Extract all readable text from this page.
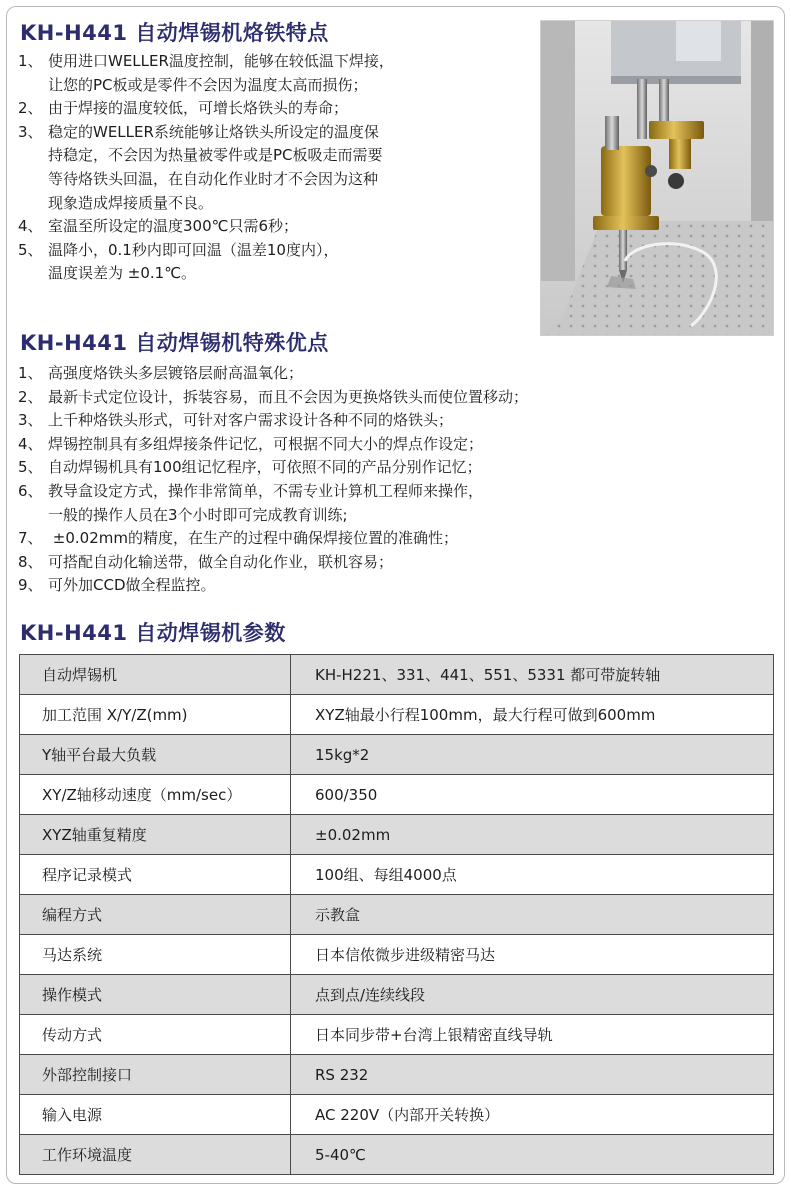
KH-H441 自动焊锡机烙铁特点
1、 使用进口WELLER温度控制，能够在较低温下焊接，
让您的PC板或是零件不会因为温度太高而损伤；
2、 由于焊接的温度较低，可增长烙铁头的寿命；
3、 稳定的WELLER系统能够让烙铁头所设定的温度保
持稳定，不会因为热量被零件或是PC板吸走而需要
等待烙铁头回温，在自动化作业时才不会因为这种
现象造成焊接质量不良。
4、 室温至所设定的温度300℃只需6秒；
5、 温降小，0.1秒内即可回温（温差10度内），
温度误差为 ±0.1℃。
KH-H441 自动焊锡机特殊优点
1、 高强度烙铁头多层镀铬层耐高温氧化；
2、 最新卡式定位设计，拆装容易，而且不会因为更换烙铁头而使位置移动；
3、 上千种烙铁头形式，可针对客户需求设计各种不同的烙铁头；
4、 焊锡控制具有多组焊接条件记忆，可根据不同大小的焊点作设定；
5、 自动焊锡机具有100组记忆程序，可依照不同的产品分别作记忆；
6、 教导盒设定方式，操作非常简单，不需专业计算机工程师来操作，
一般的操作人员在3个小时即可完成教育训练;
7、 ±0.02mm的精度，在生产的过程中确保焊接位置的准确性；
8、 可搭配自动化输送带，做全自动化作业，联机容易；
9、 可外加CCD做全程监控。
KH-H441 自动焊锡机参数
自动焊锡机	KH-H221、331、441、551、5331 都可带旋转轴
加工范围 X/Y/Z(mm)	XYZ轴最小行程100mm，最大行程可做到600mm
Y轴平台最大负载	15kg*2
XY/Z轴移动速度（mm/sec）	600/350
XYZ轴重复精度	±0.02mm
程序记录模式	100组、每组4000点
编程方式	示教盒
马达系统	日本信侬微步进级精密马达
操作模式	点到点/连续线段
传动方式	日本同步带+台湾上银精密直线导轨
外部控制接口	RS 232
输入电源	AC 220V（内部开关转换）
工作环境温度	5-40℃
